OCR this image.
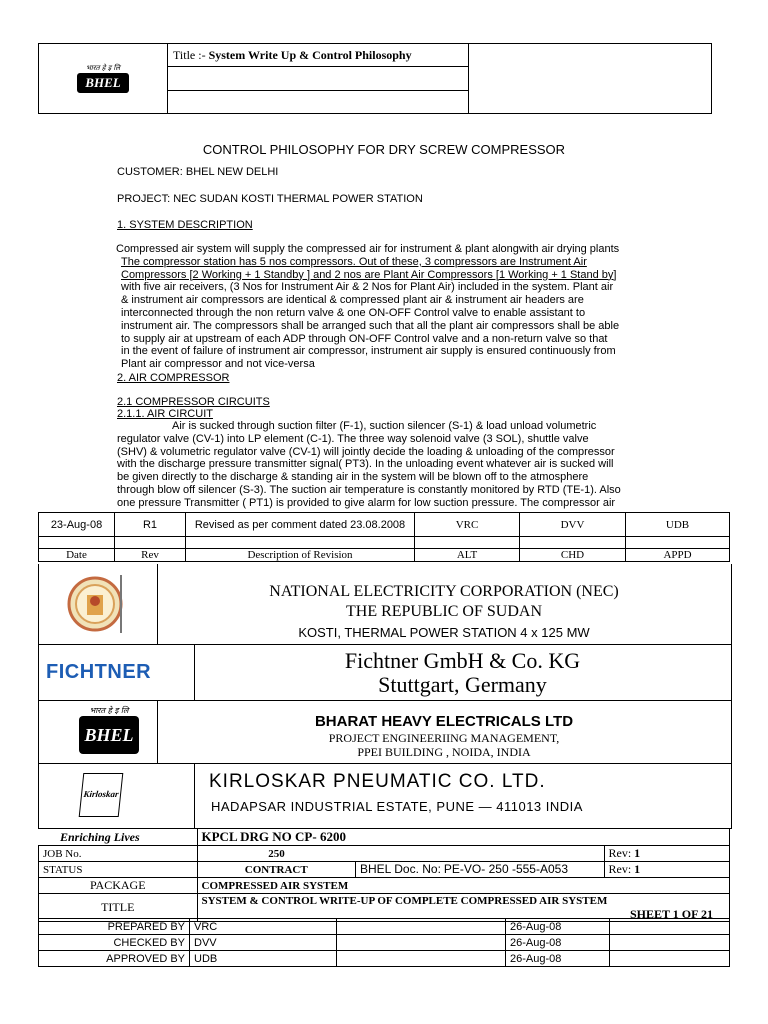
भारत हे इ लि
BHEL
	Title :- System Write Up & Control Philosophy	

CONTROL PHILOSOPHY FOR DRY SCREW COMPRESSOR
CUSTOMER: BHEL NEW DELHI
PROJECT: NEC SUDAN KOSTI THERMAL POWER STATION
1. SYSTEM DESCRIPTION
Compressed air system will supply the compressed air for instrument & plant alongwith air drying plants
The compressor station has 5 nos compressors. Out of these, 3 compressors are Instrument Air
Compressors [2 Working + 1 Standby ] and 2 nos are Plant Air Compressors [1 Working + 1 Stand by]
with five air receivers, (3 Nos for Instrument Air & 2 Nos for Plant Air) included in the system. Plant air
& instrument air compressors are identical & compressed plant air & instrument air headers are
interconnected through the non return valve & one ON-OFF Control valve to enable assistant to
instrument air. The compressors shall be arranged such that all the plant air compressors shall be able
to supply air at upstream of each ADP through ON-OFF Control valve and a non-return valve so that
in the event of failure of instrument air compressor, instrument air supply is ensured continuously from
Plant air compressor and not vice-versa
2. AIR COMPRESSOR
2.1 COMPRESSOR CIRCUITS
2.1.1. AIR CIRCUIT
Air is sucked through suction filter (F-1), suction silencer (S-1) & load unload volumetric
regulator valve (CV-1) into LP element (C-1). The three way solenoid valve (3 SOL), shuttle valve
(SHV) & volumetric regulator valve (CV-1) will jointly decide the loading & unloading of the compressor
with the discharge pressure transmitter signal( PT3). In the unloading event whatever air is sucked will
be given directly to the discharge & standing air in the system will be blown off to the atmosphere
through blow off silencer (S-3). The suction air temperature is constantly monitored by RTD (TE-1). Also
one pressure Transmitter ( PT1) is provided to give alarm for low suction pressure. The compressor air
23-Aug-08	R1	Revised as per comment dated 23.08.2008	VRC	DVV	UDB

Date	Rev	Description of Revision	ALT	CHD	APPD
NATIONAL ELECTRICITY CORPORATION (NEC)
THE REPUBLIC OF SUDAN
KOSTI, THERMAL POWER STATION 4 x 125 MW
FICHTNER	Fichtner GmbH & Co. KG
Stuttgart, Germany
भारत हे इ लि
BHEL
BHARAT HEAVY ELECTRICALS LTD
PROJECT ENGINEERIING MANAGEMENT,
PPEI BUILDING , NOIDA, INDIA
Kirloskar
KIRLOSKAR PNEUMATIC CO. LTD.
HADAPSAR INDUSTRIAL ESTATE, PUNE — 411013 INDIA
Enriching Lives
		KPCL DRG NO CP- 6200		
JOB No.	250		Rev: 1
STATUS	CONTRACT	BHEL Doc. No: PE-VO- 250 -555-A053	Rev: 1
PACKAGE	COMPRESSED AIR SYSTEM		
TITLE	SYSTEM & CONTROL WRITE-UP OF COMPLETE COMPRESSED AIR SYSTEM
SHEET 1 OF 21		
PREPARED BY	VRC		26-Aug-08	
CHECKED BY	DVV		26-Aug-08	
APPROVED BY	UDB		26-Aug-08	
